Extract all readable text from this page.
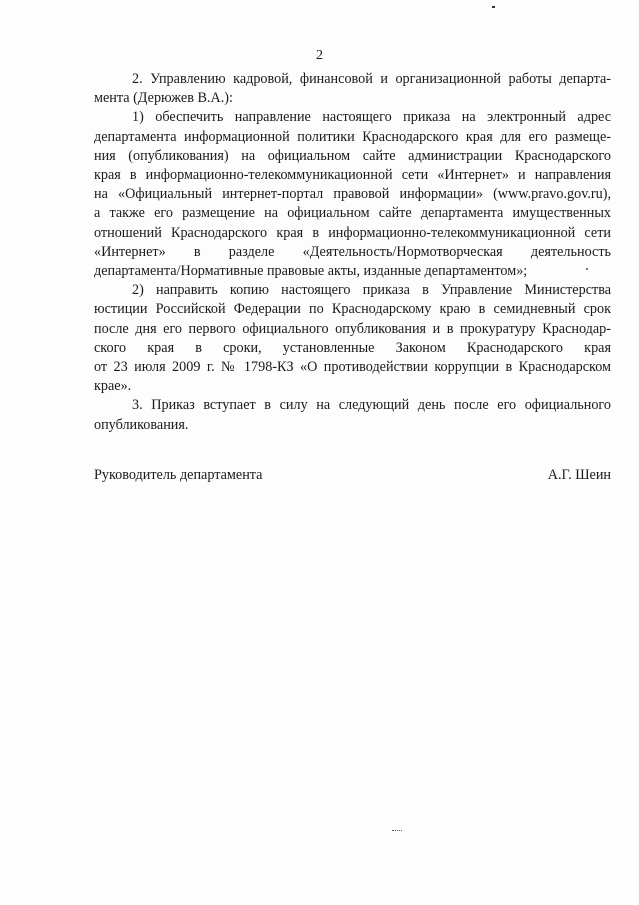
2
2. Управлению кадровой, финансовой и организационной работы департа-
мента (Дерюжев В.А.):
1) обеспечить направление настоящего приказа на электронный адрес
департамента информационной политики Краснодарского края для его размеще-
ния (опубликования) на официальном сайте администрации Краснодарского
края в информационно-телекоммуникационной сети «Интернет» и направления
на «Официальный интернет-портал правовой информации» (www.pravo.gov.ru),
а также его размещение на официальном сайте департамента имущественных
отношений Краснодарского края в информационно-телекоммуникационной сети
«Интернет» в разделе «Деятельность/Нормотворческая деятельность
департамента/Нормативные правовые акты, изданные департаментом»;
2) направить копию настоящего приказа в Управление Министерства
юстиции Российской Федерации по Краснодарскому краю в семидневный срок
после дня его первого официального опубликования и в прокуратуру Краснодар-
ского края в сроки, установленные Законом Краснодарского края
от 23 июля 2009 г. № 1798-КЗ «О противодействии коррупции в Краснодарском
крае».
3. Приказ вступает в силу на следующий день после его официального
опубликования.
Руководитель департамента	А.Г. Шеин
